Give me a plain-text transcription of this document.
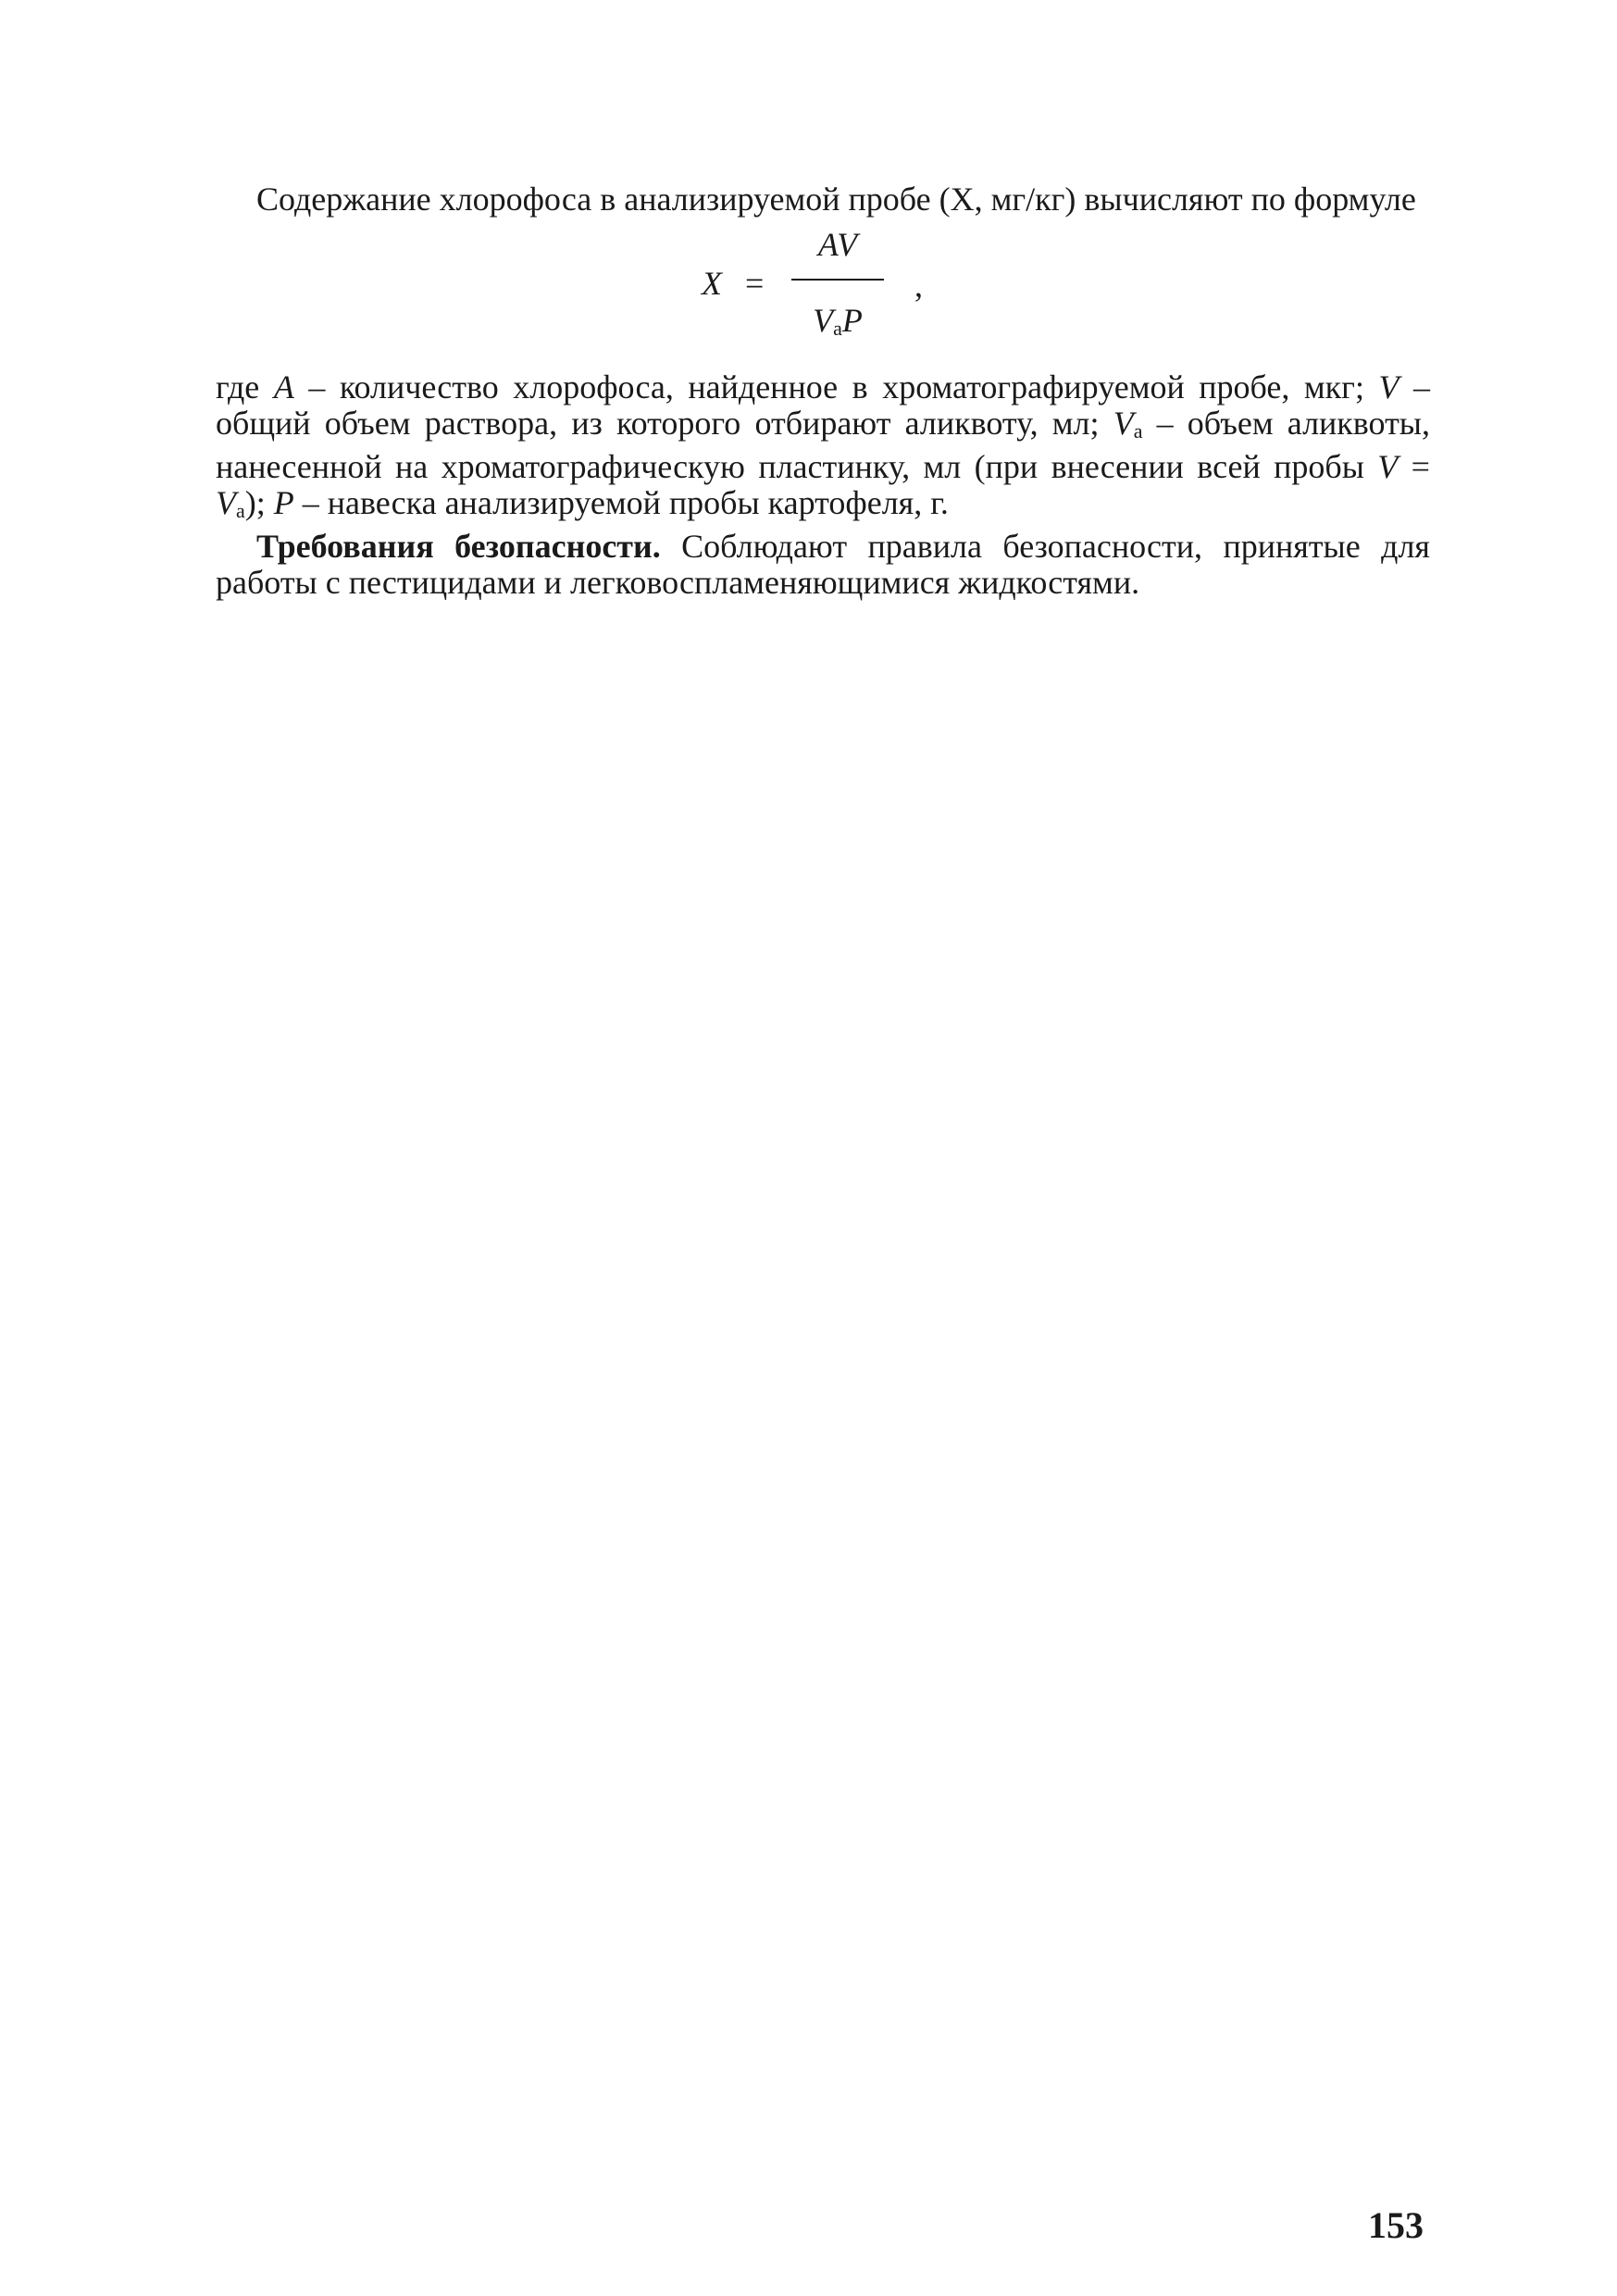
Содержание хлорофоса в анализируемой пробе (X, мг/кг) вычисляют по формуле

X =
AV
$V_aP$
,

где A – количество хлорофоса, найденное в хроматографируемой пробе, мкг; V – общий объем раствора, из которого отбирают аликвоту, мл; $V_a$ – объем аликвоты, нанесенной на хроматографическую пластинку, мл (при внесении всей пробы $V = V_a$); P – навеска анализируемой пробы картофеля, г.

Требования безопасности. Соблюдают правила безопасности, принятые для работы с пестицидами и легковоспламеняющимися жидкостями.

153
